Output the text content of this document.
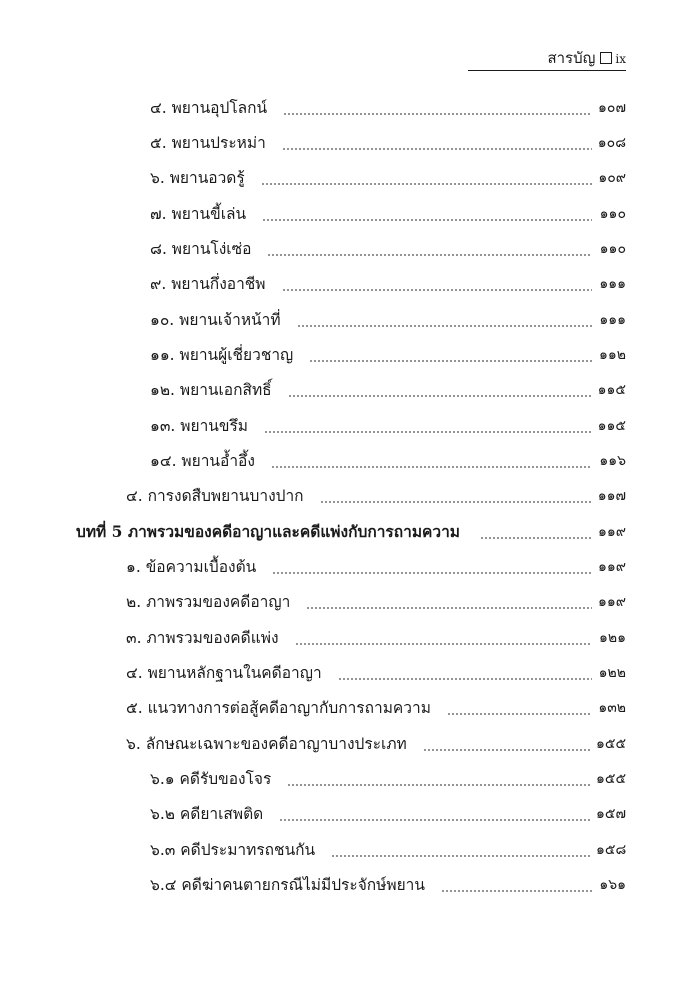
สารบัญ ix
๔. พยานอุปโลกน์	๑๐๗
๕. พยานประหม่า	๑๐๘
๖. พยานอวดรู้	๑๐๙
๗. พยานขี้เล่น	๑๑๐
๘. พยานโง่เซ่อ	๑๑๐
๙. พยานกึ่งอาชีพ	๑๑๑
๑๐. พยานเจ้าหน้าที่	๑๑๑
๑๑. พยานผู้เชี่ยวชาญ	๑๑๒
๑๒. พยานเอกสิทธิ์	๑๑๕
๑๓. พยานขรึม	๑๑๕
๑๔. พยานอ้ำอึ้ง	๑๑๖
๔. การงดสืบพยานบางปาก	๑๑๗
บทที่ 5 ภาพรวมของคดีอาญาและคดีแพ่งกับการถามความ	๑๑๙
๑. ข้อความเบื้องต้น	๑๑๙
๒. ภาพรวมของคดีอาญา	๑๑๙
๓. ภาพรวมของคดีแพ่ง	๑๒๑
๔. พยานหลักฐานในคดีอาญา	๑๒๒
๕. แนวทางการต่อสู้คดีอาญากับการถามความ	๑๓๒
๖. ลักษณะเฉพาะของคดีอาญาบางประเภท	๑๕๕
๖.๑ คดีรับของโจร	๑๕๕
๖.๒ คดียาเสพติด	๑๕๗
๖.๓ คดีประมาทรถชนกัน	๑๕๘
๖.๔ คดีฆ่าคนตายกรณีไม่มีประจักษ์พยาน	๑๖๑
